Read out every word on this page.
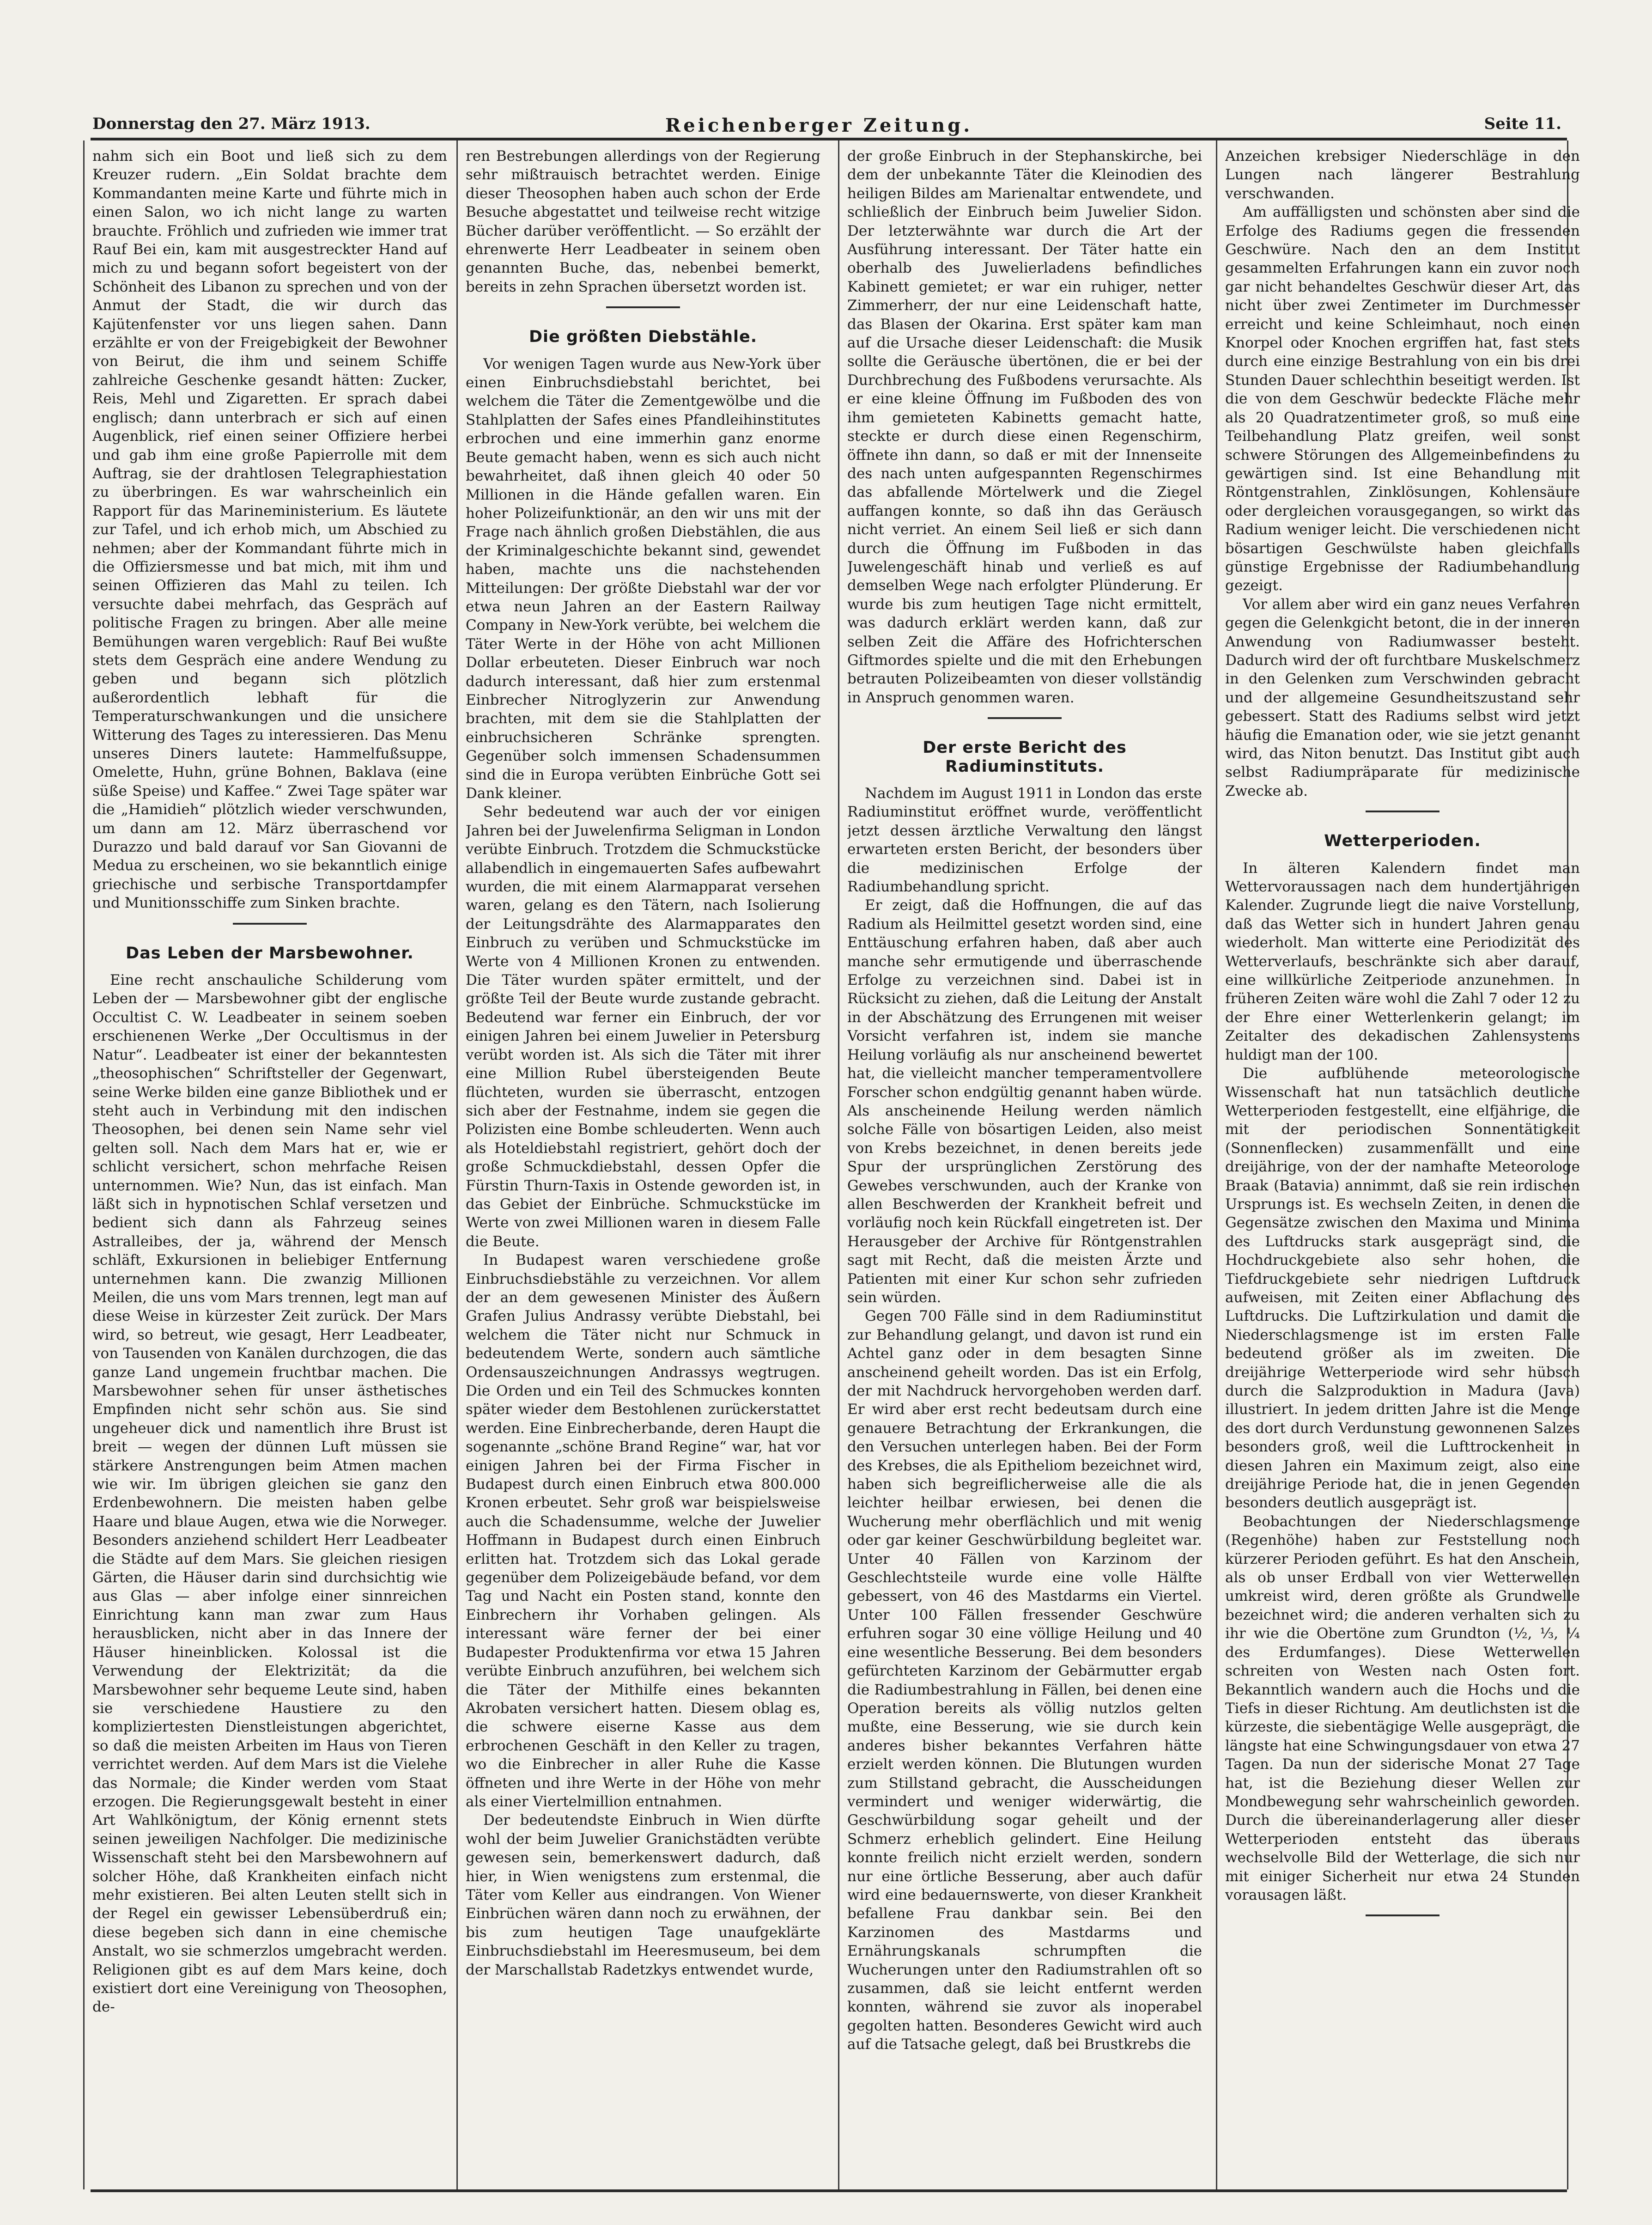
Donnerstag den 27. März 1913.	Reichenberger Zeitung.	Seite 11.

nahm sich ein Boot und ließ sich zu dem Kreuzer rudern. „Ein Soldat brachte dem Kommandanten meine Karte und führte mich in einen Salon, wo ich nicht lange zu warten brauchte. Fröhlich und zufrieden wie immer trat Rauf Bei ein, kam mit ausgestreckter Hand auf mich zu und begann sofort begeistert von der Schönheit des Libanon zu sprechen und von der Anmut der Stadt, die wir durch das Kajütenfenster vor uns liegen sahen. Dann erzählte er von der Freigebigkeit der Bewohner von Beirut, die ihm und seinem Schiffe zahlreiche Geschenke gesandt hätten: Zucker, Reis, Mehl und Zigaretten. Er sprach dabei englisch; dann unterbrach er sich auf einen Augenblick, rief einen seiner Offiziere herbei und gab ihm eine große Papierrolle mit dem Auftrag, sie der drahtlosen Telegraphiestation zu überbringen. Es war wahrscheinlich ein Rapport für das Marineministerium. Es läutete zur Tafel, und ich erhob mich, um Abschied zu nehmen; aber der Kommandant führte mich in die Offiziersmesse und bat mich, mit ihm und seinen Offizieren das Mahl zu teilen. Ich versuchte dabei mehrfach, das Gespräch auf politische Fragen zu bringen. Aber alle meine Bemühungen waren vergeblich: Rauf Bei wußte stets dem Gespräch eine andere Wendung zu geben und begann sich plötzlich außerordentlich lebhaft für die Temperaturschwankungen und die unsichere Witterung des Tages zu interessieren. Das Menu unseres Diners lautete: Hammelfußsuppe, Omelette, Huhn, grüne Bohnen, Baklava (eine süße Speise) und Kaffee.“ Zwei Tage später war die „Hamidieh“ plötzlich wieder verschwunden, um dann am 12. März überraschend vor Durazzo und bald darauf vor San Giovanni de Medua zu erscheinen, wo sie bekanntlich einige griechische und serbische Transportdampfer und Munitionsschiffe zum Sinken brachte.

Das Leben der Marsbewohner.

Eine recht anschauliche Schilderung vom Leben der — Marsbewohner gibt der englische Occultist C. W. Leadbeater in seinem soeben erschienenen Werke „Der Occultismus in der Natur“. Leadbeater ist einer der bekanntesten „theosophischen“ Schriftsteller der Gegenwart, seine Werke bilden eine ganze Bibliothek und er steht auch in Verbindung mit den indischen Theosophen, bei denen sein Name sehr viel gelten soll. Nach dem Mars hat er, wie er schlicht versichert, schon mehrfache Reisen unternommen. Wie? Nun, das ist einfach. Man läßt sich in hypnotischen Schlaf versetzen und bedient sich dann als Fahrzeug seines Astralleibes, der ja, während der Mensch schläft, Exkursionen in beliebiger Entfernung unternehmen kann. Die zwanzig Millionen Meilen, die uns vom Mars trennen, legt man auf diese Weise in kürzester Zeit zurück. Der Mars wird, so betreut, wie gesagt, Herr Leadbeater, von Tausenden von Kanälen durchzogen, die das ganze Land ungemein fruchtbar machen. Die Marsbewohner sehen für unser ästhetisches Empfinden nicht sehr schön aus. Sie sind ungeheuer dick und namentlich ihre Brust ist breit — wegen der dünnen Luft müssen sie stärkere Anstrengungen beim Atmen machen wie wir. Im übrigen gleichen sie ganz den Erdenbewohnern. Die meisten haben gelbe Haare und blaue Augen, etwa wie die Norweger. Besonders anziehend schildert Herr Leadbeater die Städte auf dem Mars. Sie gleichen riesigen Gärten, die Häuser darin sind durchsichtig wie aus Glas — aber infolge einer sinnreichen Einrichtung kann man zwar zum Haus herausblicken, nicht aber in das Innere der Häuser hineinblicken. Kolossal ist die Verwendung der Elektrizität; da die Marsbewohner sehr bequeme Leute sind, haben sie verschiedene Haustiere zu den kompliziertesten Dienstleistungen abgerichtet, so daß die meisten Arbeiten im Haus von Tieren verrichtet werden. Auf dem Mars ist die Vielehe das Normale; die Kinder werden vom Staat erzogen. Die Regierungsgewalt besteht in einer Art Wahlkönigtum, der König ernennt stets seinen jeweiligen Nachfolger. Die medizinische Wissenschaft steht bei den Marsbewohnern auf solcher Höhe, daß Krankheiten einfach nicht mehr existieren. Bei alten Leuten stellt sich in der Regel ein gewisser Lebensüberdruß ein; diese begeben sich dann in eine chemische Anstalt, wo sie schmerzlos umgebracht werden. Religionen gibt es auf dem Mars keine, doch existiert dort eine Vereinigung von Theosophen, de-

ren Bestrebungen allerdings von der Regierung sehr mißtrauisch betrachtet werden. Einige dieser Theosophen haben auch schon der Erde Besuche abgestattet und teilweise recht witzige Bücher darüber veröffentlicht. — So erzählt der ehrenwerte Herr Leadbeater in seinem oben genannten Buche, das, nebenbei bemerkt, bereits in zehn Sprachen übersetzt worden ist.

Die größten Diebstähle.

Vor wenigen Tagen wurde aus New-York über einen Einbruchsdiebstahl berichtet, bei welchem die Täter die Zementgewölbe und die Stahlplatten der Safes eines Pfandleihinstitutes erbrochen und eine immerhin ganz enorme Beute gemacht haben, wenn es sich auch nicht bewahrheitet, daß ihnen gleich 40 oder 50 Millionen in die Hände gefallen waren. Ein hoher Polizeifunktionär, an den wir uns mit der Frage nach ähnlich großen Diebstählen, die aus der Kriminalgeschichte bekannt sind, gewendet haben, machte uns die nachstehenden Mitteilungen: Der größte Diebstahl war der vor etwa neun Jahren an der Eastern Railway Company in New-York verübte, bei welchem die Täter Werte in der Höhe von acht Millionen Dollar erbeuteten. Dieser Einbruch war noch dadurch interessant, daß hier zum erstenmal Einbrecher Nitroglyzerin zur Anwendung brachten, mit dem sie die Stahlplatten der einbruchsicheren Schränke sprengten. Gegenüber solch immensen Schadensummen sind die in Europa verübten Einbrüche Gott sei Dank kleiner.

Sehr bedeutend war auch der vor einigen Jahren bei der Juwelenfirma Seligman in London verübte Einbruch. Trotzdem die Schmuckstücke allabendlich in eingemauerten Safes aufbewahrt wurden, die mit einem Alarmapparat versehen waren, gelang es den Tätern, nach Isolierung der Leitungsdrähte des Alarmapparates den Einbruch zu verüben und Schmuckstücke im Werte von 4 Millionen Kronen zu entwenden. Die Täter wurden später ermittelt, und der größte Teil der Beute wurde zustande gebracht. Bedeutend war ferner ein Einbruch, der vor einigen Jahren bei einem Juwelier in Petersburg verübt worden ist. Als sich die Täter mit ihrer eine Million Rubel übersteigenden Beute flüchteten, wurden sie überrascht, entzogen sich aber der Festnahme, indem sie gegen die Polizisten eine Bombe schleuderten. Wenn auch als Hoteldiebstahl registriert, gehört doch der große Schmuckdiebstahl, dessen Opfer die Fürstin Thurn-Taxis in Ostende geworden ist, in das Gebiet der Einbrüche. Schmuckstücke im Werte von zwei Millionen waren in diesem Falle die Beute.

In Budapest waren verschiedene große Einbruchsdiebstähle zu verzeichnen. Vor allem der an dem gewesenen Minister des Äußern Grafen Julius Andrassy verübte Diebstahl, bei welchem die Täter nicht nur Schmuck in bedeutendem Werte, sondern auch sämtliche Ordensauszeichnungen Andrassys wegtrugen. Die Orden und ein Teil des Schmuckes konnten später wieder dem Bestohlenen zurückerstattet werden. Eine Einbrecherbande, deren Haupt die sogenannte „schöne Brand Regine“ war, hat vor einigen Jahren bei der Firma Fischer in Budapest durch einen Einbruch etwa 800.000 Kronen erbeutet. Sehr groß war beispielsweise auch die Schadensumme, welche der Juwelier Hoffmann in Budapest durch einen Einbruch erlitten hat. Trotzdem sich das Lokal gerade gegenüber dem Polizeigebäude befand, vor dem Tag und Nacht ein Posten stand, konnte den Einbrechern ihr Vorhaben gelingen. Als interessant wäre ferner der bei einer Budapester Produktenfirma vor etwa 15 Jahren verübte Einbruch anzuführen, bei welchem sich die Täter der Mithilfe eines bekannten Akrobaten versichert hatten. Diesem oblag es, die schwere eiserne Kasse aus dem erbrochenen Geschäft in den Keller zu tragen, wo die Einbrecher in aller Ruhe die Kasse öffneten und ihre Werte in der Höhe von mehr als einer Viertelmillion entnahmen.

Der bedeutendste Einbruch in Wien dürfte wohl der beim Juwelier Granichstädten verübte gewesen sein, bemerkenswert dadurch, daß hier, in Wien wenigstens zum erstenmal, die Täter vom Keller aus eindrangen. Von Wiener Einbrüchen wären dann noch zu erwähnen, der bis zum heutigen Tage unaufgeklärte Einbruchsdiebstahl im Heeresmuseum, bei dem der Marschallstab Radetzkys entwendet wurde,

der große Einbruch in der Stephanskirche, bei dem der unbekannte Täter die Kleinodien des heiligen Bildes am Marienaltar entwendete, und schließlich der Einbruch beim Juwelier Sidon. Der letzterwähnte war durch die Art der Ausführung interessant. Der Täter hatte ein oberhalb des Juwelierladens befindliches Kabinett gemietet; er war ein ruhiger, netter Zimmerherr, der nur eine Leidenschaft hatte, das Blasen der Okarina. Erst später kam man auf die Ursache dieser Leidenschaft: die Musik sollte die Geräusche übertönen, die er bei der Durchbrechung des Fußbodens verursachte. Als er eine kleine Öffnung im Fußboden des von ihm gemieteten Kabinetts gemacht hatte, steckte er durch diese einen Regenschirm, öffnete ihn dann, so daß er mit der Innenseite des nach unten aufgespannten Regenschirmes das abfallende Mörtelwerk und die Ziegel auffangen konnte, so daß ihn das Geräusch nicht verriet. An einem Seil ließ er sich dann durch die Öffnung im Fußboden in das Juwelengeschäft hinab und verließ es auf demselben Wege nach erfolgter Plünderung. Er wurde bis zum heutigen Tage nicht ermittelt, was dadurch erklärt werden kann, daß zur selben Zeit die Affäre des Hofrichterschen Giftmordes spielte und die mit den Erhebungen betrauten Polizeibeamten von dieser vollständig in Anspruch genommen waren.

Der erste Bericht des Radiuminstituts.

Nachdem im August 1911 in London das erste Radiuminstitut eröffnet wurde, veröffentlicht jetzt dessen ärztliche Verwaltung den längst erwarteten ersten Bericht, der besonders über die medizinischen Erfolge der Radiumbehandlung spricht.

Er zeigt, daß die Hoffnungen, die auf das Radium als Heilmittel gesetzt worden sind, eine Enttäuschung erfahren haben, daß aber auch manche sehr ermutigende und überraschende Erfolge zu verzeichnen sind. Dabei ist in Rücksicht zu ziehen, daß die Leitung der Anstalt in der Abschätzung des Errungenen mit weiser Vorsicht verfahren ist, indem sie manche Heilung vorläufig als nur anscheinend bewertet hat, die vielleicht mancher temperamentvollere Forscher schon endgültig genannt haben würde. Als anscheinende Heilung werden nämlich solche Fälle von bösartigen Leiden, also meist von Krebs bezeichnet, in denen bereits jede Spur der ursprünglichen Zerstörung des Gewebes verschwunden, auch der Kranke von allen Beschwerden der Krankheit befreit und vorläufig noch kein Rückfall eingetreten ist. Der Herausgeber der Archive für Röntgenstrahlen sagt mit Recht, daß die meisten Ärzte und Patienten mit einer Kur schon sehr zufrieden sein würden.

Gegen 700 Fälle sind in dem Radiuminstitut zur Behandlung gelangt, und davon ist rund ein Achtel ganz oder in dem besagten Sinne anscheinend geheilt worden. Das ist ein Erfolg, der mit Nachdruck hervorgehoben werden darf. Er wird aber erst recht bedeutsam durch eine genauere Betrachtung der Erkrankungen, die den Versuchen unterlegen haben. Bei der Form des Krebses, die als Epitheliom bezeichnet wird, haben sich begreiflicherweise alle die als leichter heilbar erwiesen, bei denen die Wucherung mehr oberflächlich und mit wenig oder gar keiner Geschwürbildung begleitet war. Unter 40 Fällen von Karzinom der Geschlechtsteile wurde eine volle Hälfte gebessert, von 46 des Mastdarms ein Viertel. Unter 100 Fällen fressender Geschwüre erfuhren sogar 30 eine völlige Heilung und 40 eine wesentliche Besserung. Bei dem besonders gefürchteten Karzinom der Gebärmutter ergab die Radiumbestrahlung in Fällen, bei denen eine Operation bereits als völlig nutzlos gelten mußte, eine Besserung, wie sie durch kein anderes bisher bekanntes Verfahren hätte erzielt werden können. Die Blutungen wurden zum Stillstand gebracht, die Ausscheidungen vermindert und weniger widerwärtig, die Geschwürbildung sogar geheilt und der Schmerz erheblich gelindert. Eine Heilung konnte freilich nicht erzielt werden, sondern nur eine örtliche Besserung, aber auch dafür wird eine bedauernswerte, von dieser Krankheit befallene Frau dankbar sein. Bei den Karzinomen des Mastdarms und Ernährungskanals schrumpften die Wucherungen unter den Radiumstrahlen oft so zusammen, daß sie leicht entfernt werden konnten, während sie zuvor als inoperabel gegolten hatten. Besonderes Gewicht wird auch auf die Tatsache gelegt, daß bei Brustkrebs die

Anzeichen krebsiger Niederschläge in den Lungen nach längerer Bestrahlung verschwanden.

Am auffälligsten und schönsten aber sind die Erfolge des Radiums gegen die fressenden Geschwüre. Nach den an dem Institut gesammelten Erfahrungen kann ein zuvor noch gar nicht behandeltes Geschwür dieser Art, das nicht über zwei Zentimeter im Durchmesser erreicht und keine Schleimhaut, noch einen Knorpel oder Knochen ergriffen hat, fast stets durch eine einzige Bestrahlung von ein bis drei Stunden Dauer schlechthin beseitigt werden. Ist die von dem Geschwür bedeckte Fläche mehr als 20 Quadratzentimeter groß, so muß eine Teilbehandlung Platz greifen, weil sonst schwere Störungen des Allgemeinbefindens zu gewärtigen sind. Ist eine Behandlung mit Röntgenstrahlen, Zinklösungen, Kohlensäure oder dergleichen vorausgegangen, so wirkt das Radium weniger leicht. Die verschiedenen nicht bösartigen Geschwülste haben gleichfalls günstige Ergebnisse der Radiumbehandlung gezeigt.

Vor allem aber wird ein ganz neues Verfahren gegen die Gelenkgicht betont, die in der inneren Anwendung von Radiumwasser besteht. Dadurch wird der oft furchtbare Muskelschmerz in den Gelenken zum Verschwinden gebracht und der allgemeine Gesundheitszustand sehr gebessert. Statt des Radiums selbst wird jetzt häufig die Emanation oder, wie sie jetzt genannt wird, das Niton benutzt. Das Institut gibt auch selbst Radiumpräparate für medizinische Zwecke ab.

Wetterperioden.

In älteren Kalendern findet man Wettervoraussagen nach dem hundertjährigen Kalender. Zugrunde liegt die naive Vorstellung, daß das Wetter sich in hundert Jahren genau wiederholt. Man witterte eine Periodizität des Wetterverlaufs, beschränkte sich aber darauf, eine willkürliche Zeitperiode anzunehmen. In früheren Zeiten wäre wohl die Zahl 7 oder 12 zu der Ehre einer Wetterlenkerin gelangt; im Zeitalter des dekadischen Zahlensystems huldigt man der 100.

Die aufblühende meteorologische Wissenschaft hat nun tatsächlich deutliche Wetterperioden festgestellt, eine elfjährige, die mit der periodischen Sonnentätigkeit (Sonnenflecken) zusammenfällt und eine dreijährige, von der der namhafte Meteorologe Braak (Batavia) annimmt, daß sie rein irdischen Ursprungs ist. Es wechseln Zeiten, in denen die Gegensätze zwischen den Maxima und Minima des Luftdrucks stark ausgeprägt sind, die Hochdruckgebiete also sehr hohen, die Tiefdruckgebiete sehr niedrigen Luftdruck aufweisen, mit Zeiten einer Abflachung des Luftdrucks. Die Luftzirkulation und damit die Niederschlagsmenge ist im ersten Falle bedeutend größer als im zweiten. Die dreijährige Wetterperiode wird sehr hübsch durch die Salzproduktion in Madura (Java) illustriert. In jedem dritten Jahre ist die Menge des dort durch Verdunstung gewonnenen Salzes besonders groß, weil die Lufttrockenheit in diesen Jahren ein Maximum zeigt, also eine dreijährige Periode hat, die in jenen Gegenden besonders deutlich ausgeprägt ist.

Beobachtungen der Niederschlagsmenge (Regenhöhe) haben zur Feststellung noch kürzerer Perioden geführt. Es hat den Anschein, als ob unser Erdball von vier Wetterwellen umkreist wird, deren größte als Grundwelle bezeichnet wird; die anderen verhalten sich zu ihr wie die Obertöne zum Grundton (½, ⅓, ¼ des Erdumfanges). Diese Wetterwellen schreiten von Westen nach Osten fort. Bekanntlich wandern auch die Hochs und die Tiefs in dieser Richtung. Am deutlichsten ist die kürzeste, die siebentägige Welle ausgeprägt, die längste hat eine Schwingungsdauer von etwa 27 Tagen. Da nun der siderische Monat 27 Tage hat, ist die Beziehung dieser Wellen zur Mondbewegung sehr wahrscheinlich geworden. Durch die übereinanderlagerung aller dieser Wetterperioden entsteht das überaus wechselvolle Bild der Wetterlage, die sich nur mit einiger Sicherheit nur etwa 24 Stunden vorausagen läßt.
